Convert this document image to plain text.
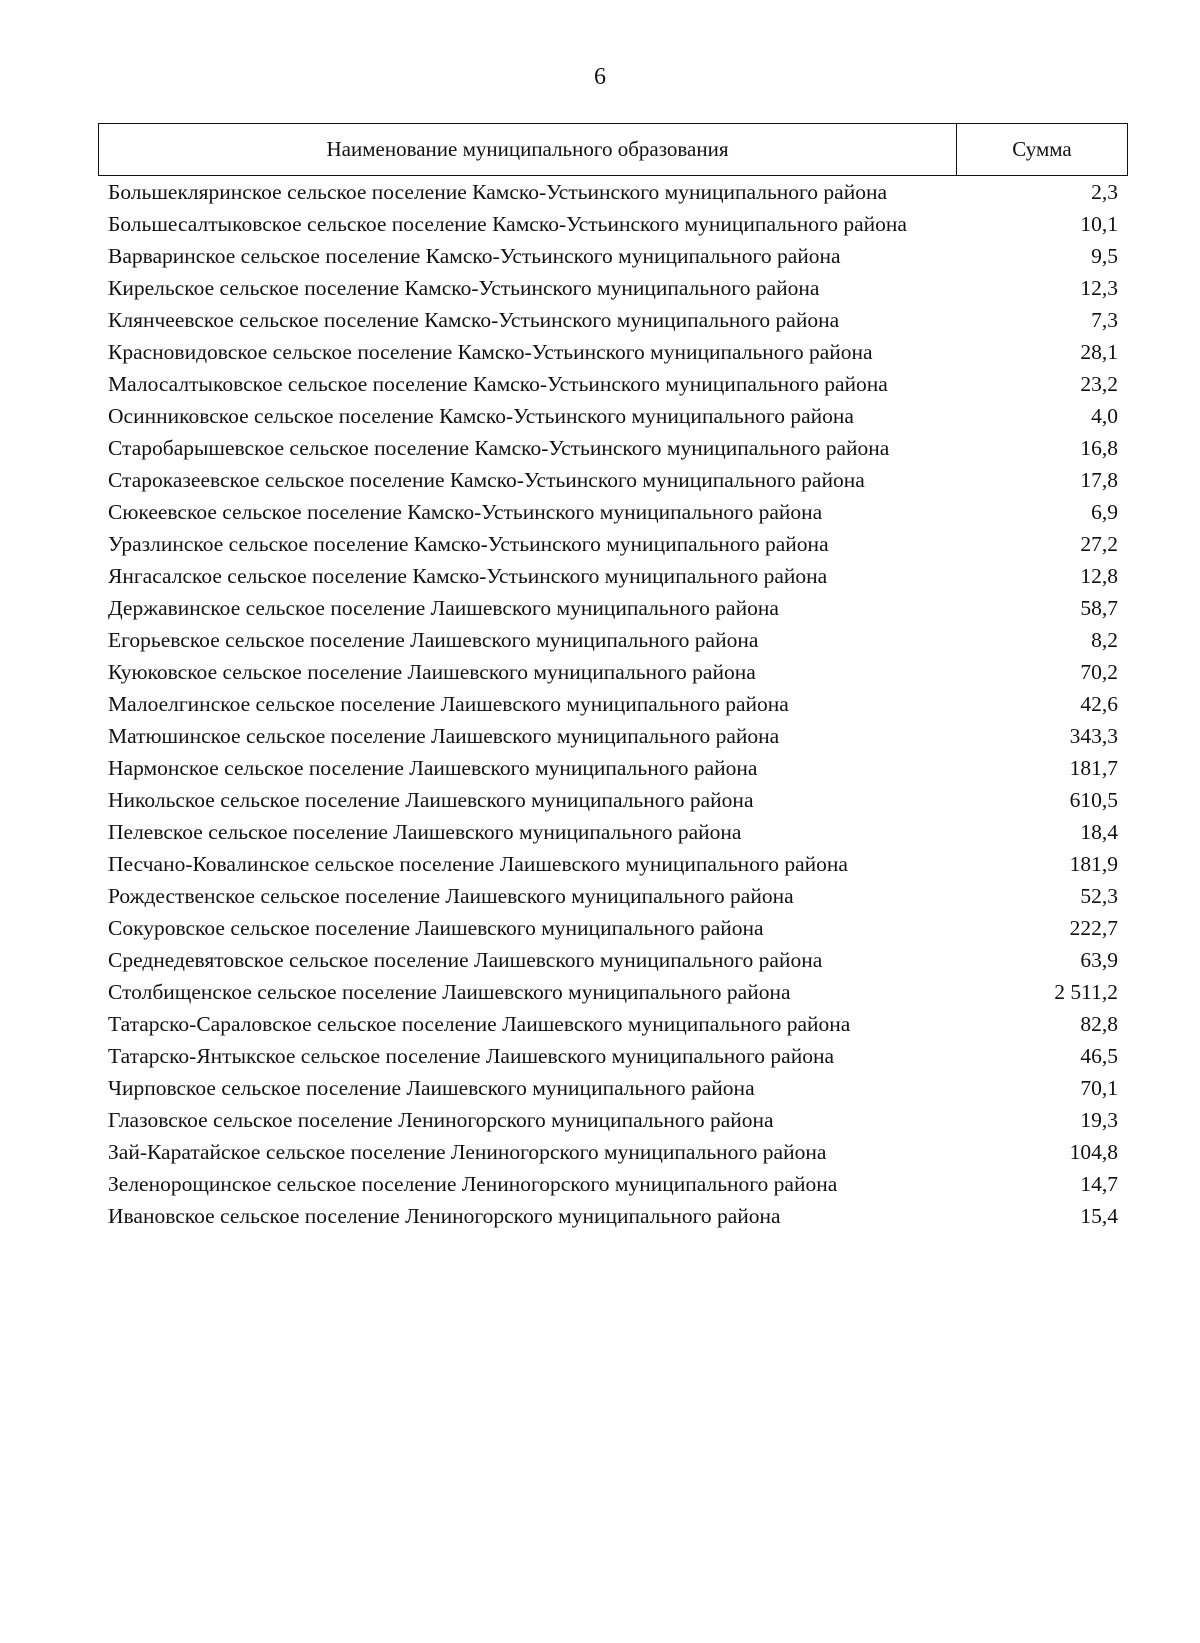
6
Наименование муниципального образования	Сумма
Большекляринское сельское поселение Камско-Устьинского муниципального района	2,3
Большесалтыковское сельское поселение Камско-Устьинского муниципального района	10,1
Варваринское сельское поселение Камско-Устьинского муниципального района	9,5
Кирельское сельское поселение Камско-Устьинского муниципального района	12,3
Клянчеевское сельское поселение Камско-Устьинского муниципального района	7,3
Красновидовское сельское поселение Камско-Устьинского муниципального района	28,1
Малосалтыковское сельское поселение Камско-Устьинского муниципального района	23,2
Осинниковское сельское поселение Камско-Устьинского муниципального района	4,0
Старобарышевское сельское поселение Камско-Устьинского муниципального района	16,8
Староказеевское сельское поселение Камско-Устьинского муниципального района	17,8
Сюкеевское сельское поселение Камско-Устьинского муниципального района	6,9
Уразлинское сельское поселение Камско-Устьинского муниципального района	27,2
Янгасалское сельское поселение Камско-Устьинского муниципального района	12,8
Державинское сельское поселение Лаишевского муниципального района	58,7
Егорьевское сельское поселение Лаишевского муниципального района	8,2
Куюковское сельское поселение Лаишевского муниципального района	70,2
Малоелгинское сельское поселение Лаишевского муниципального района	42,6
Матюшинское сельское поселение Лаишевского муниципального района	343,3
Нармонское сельское поселение Лаишевского муниципального района	181,7
Никольское сельское поселение Лаишевского муниципального района	610,5
Пелевское сельское поселение Лаишевского муниципального района	18,4
Песчано-Ковалинское сельское поселение Лаишевского муниципального района	181,9
Рождественское сельское поселение Лаишевского муниципального района	52,3
Сокуровское сельское поселение Лаишевского муниципального района	222,7
Среднедевятовское сельское поселение Лаишевского муниципального района	63,9
Столбищенское сельское поселение Лаишевского муниципального района	2 511,2
Татарско-Сараловское сельское поселение Лаишевского муниципального района	82,8
Татарско-Янтыкское сельское поселение Лаишевского муниципального района	46,5
Чирповское сельское поселение Лаишевского муниципального района	70,1
Глазовское сельское поселение Лениногорского муниципального района	19,3
Зай-Каратайское сельское поселение Лениногорского муниципального района	104,8
Зеленорощинское сельское поселение Лениногорского муниципального района	14,7
Ивановское сельское поселение Лениногорского муниципального района	15,4
